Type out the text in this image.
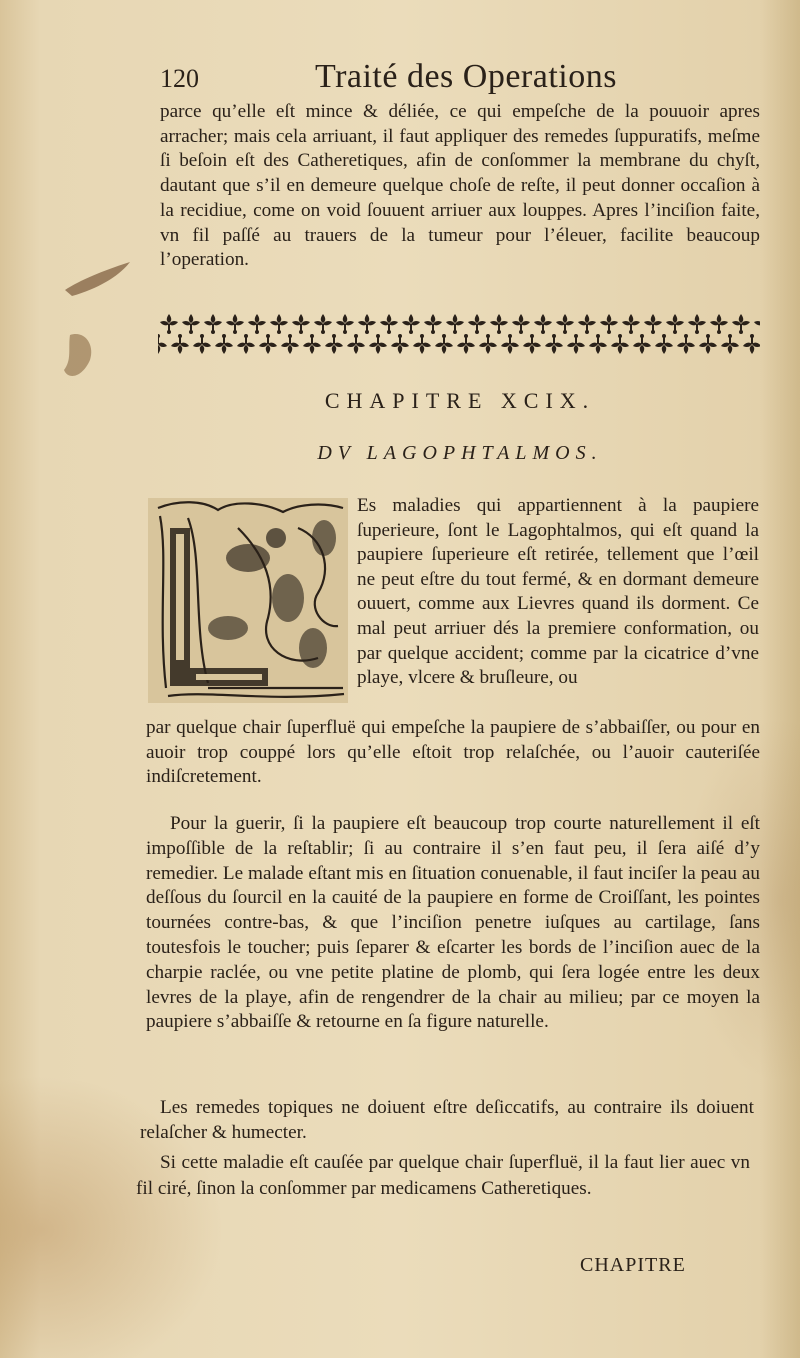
120	Traité des Operations

parce qu’elle eſt mince & déliée, ce qui empeſche de la pouuoir apres arracher; mais cela arriuant, il faut appliquer des remedes ſuppuratifs, meſme ſi beſoin eſt des Catheretiques, afin de conſommer la membrane du chyſt, dautant que s’il en demeure quelque choſe de reſte, il peut donner occaſion à la recidiue, come on void ſouuent arriuer aux louppes. Apres l’inciſion faite, vn fil paſſé au trauers de la tumeur pour l’éleuer, facilite beaucoup l’operation.

CHAPITRE XCIX.
DV LAGOPHTALMOS.

Es maladies qui appartiennent à la paupiere ſuperieure, ſont le Lagophtalmos, qui eſt quand la paupiere ſuperieure eſt retirée, tellement que l’œil ne peut eſtre du tout fermé, & en dormant demeure ouuert, comme aux Lievres quand ils dorment. Ce mal peut arriuer dés la premiere conformation, ou par quelque accident; comme par la cicatrice d’vne playe, vlcere & bruſleure, ou

par quelque chair ſuperfluë qui empeſche la paupiere de s’abbaiſſer, ou pour en auoir trop couppé lors qu’elle eſtoit trop relaſchée, ou l’auoir cauteriſée indiſcretement.

Pour la guerir, ſi la paupiere eſt beaucoup trop courte naturellement il eſt impoſſible de la reſtablir; ſi au contraire il s’en faut peu, il ſera aiſé d’y remedier. Le malade eſtant mis en ſituation conuenable, il faut inciſer la peau au deſſous du ſourcil en la cauité de la paupiere en forme de Croiſſant, les pointes tournées contre-bas, & que l’inciſion penetre iuſques au cartilage, ſans toutesfois le toucher; puis ſeparer & eſcarter les bords de l’inciſion auec de la charpie raclée, ou vne petite platine de plomb, qui ſera logée entre les deux levres de la playe, afin de rengendrer de la chair au milieu; par ce moyen la paupiere s’abbaiſſe & retourne en ſa figure naturelle.

Les remedes topiques ne doiuent eſtre deſiccatifs, au contraire ils doiuent relaſcher & humecter.

Si cette maladie eſt cauſée par quelque chair ſuperfluë, il la faut lier auec vn fil ciré, ſinon la conſommer par medicamens Catheretiques.

CHAPITRE
